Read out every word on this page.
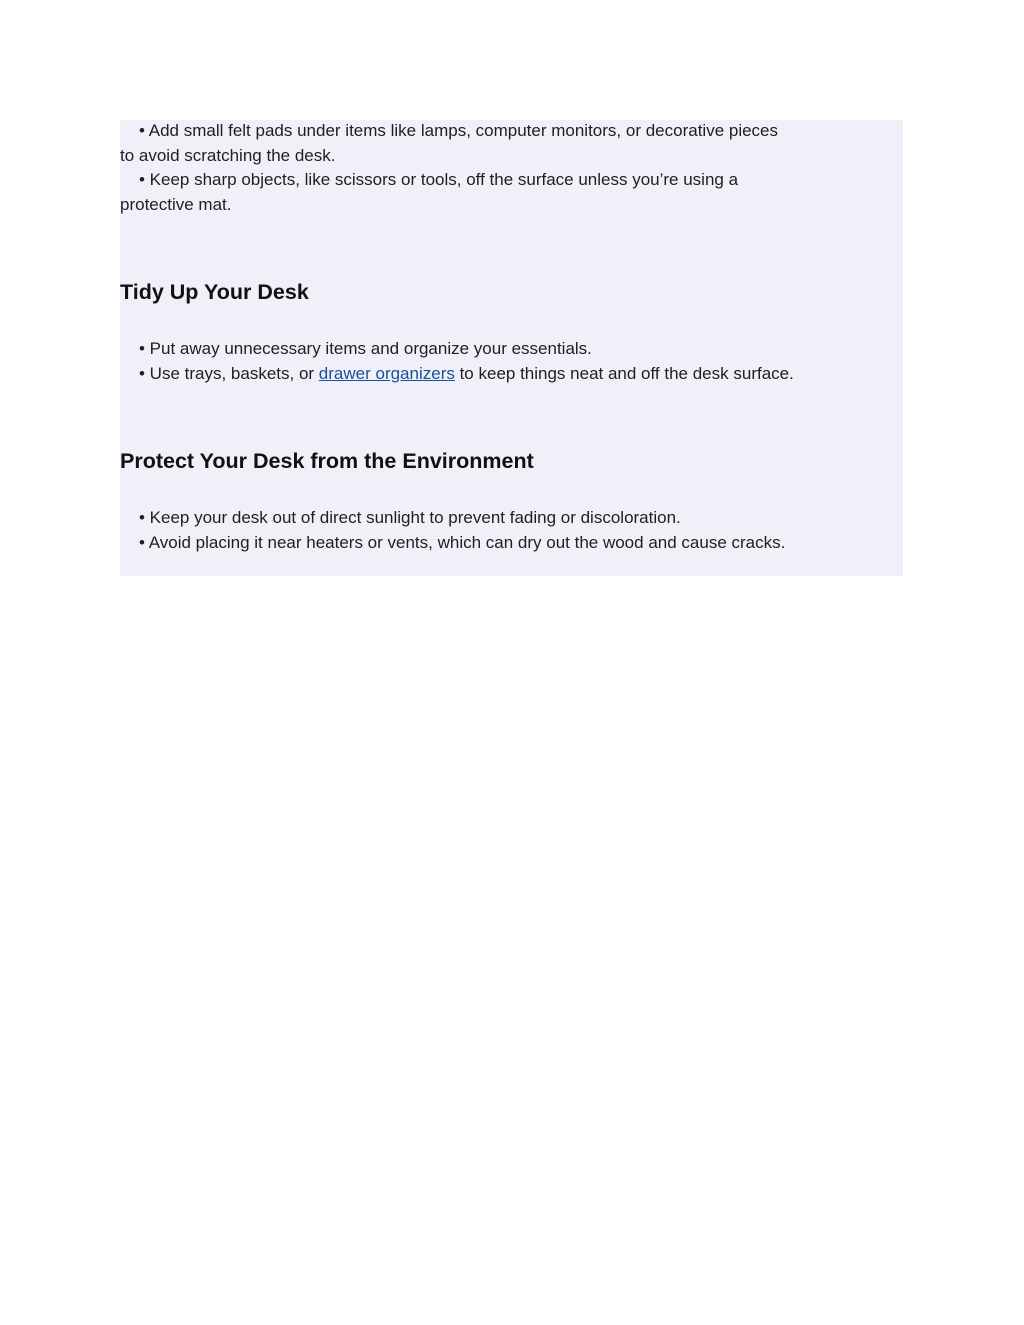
• Add small felt pads under items like lamps, computer monitors, or decorative pieces
to avoid scratching the desk.
• Keep sharp objects, like scissors or tools, off the surface unless you’re using a
protective mat.

Tidy Up Your Desk

• Put away unnecessary items and organize your essentials.
• Use trays, baskets, or drawer organizers to keep things neat and off the desk surface.

Protect Your Desk from the Environment

• Keep your desk out of direct sunlight to prevent fading or discoloration.
• Avoid placing it near heaters or vents, which can dry out the wood and cause cracks.
